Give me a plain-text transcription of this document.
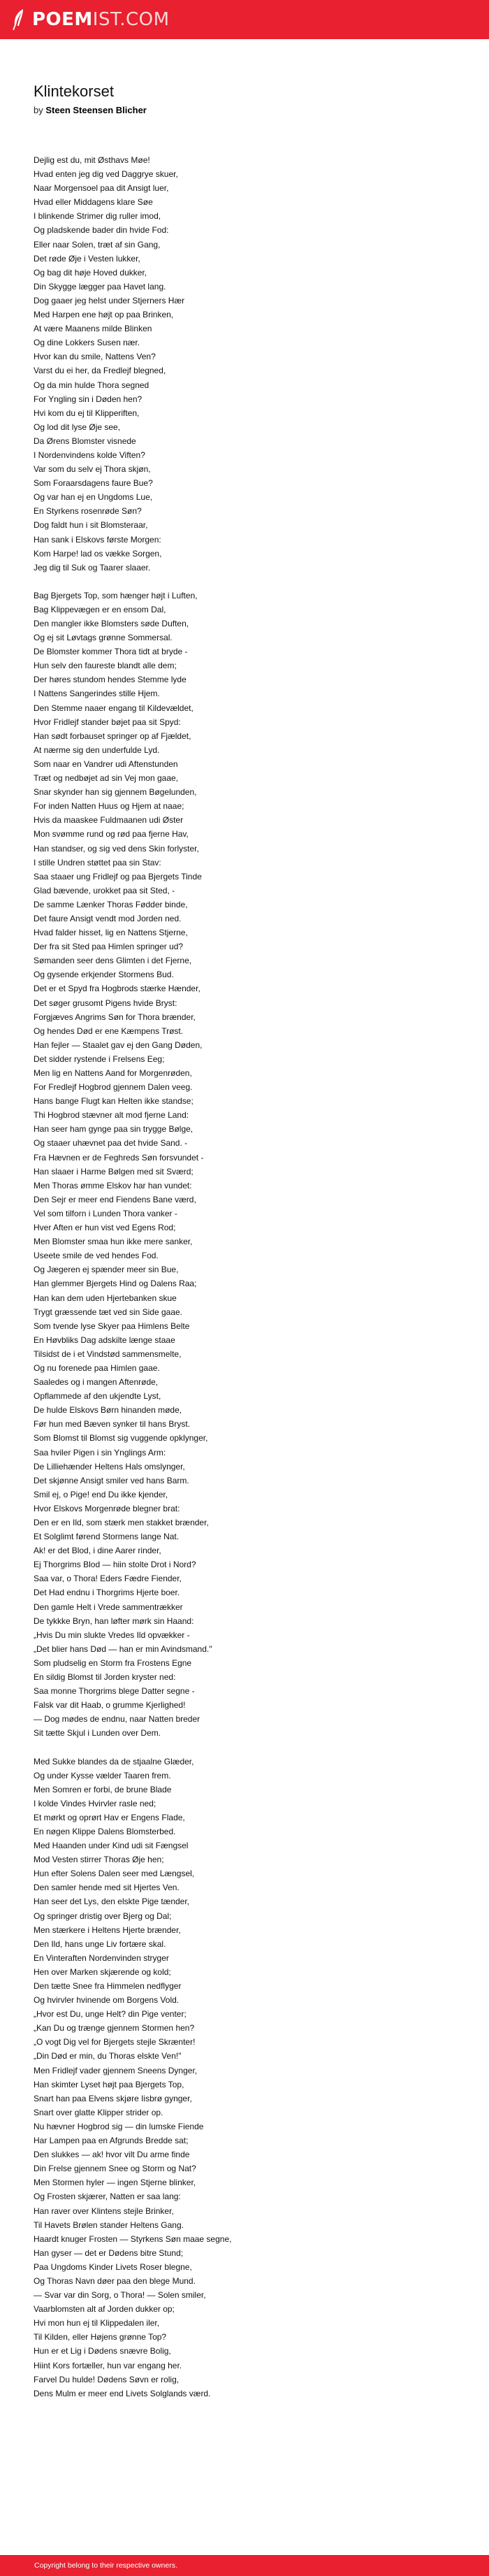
POEMIST.COM
Klintekorset
by Steen Steensen Blicher
Dejlig est du, mit Østhavs Møe!
Hvad enten jeg dig ved Daggrye skuer,
Naar Morgensoel paa dit Ansigt luer,
Hvad eller Middagens klare Søe
I blinkende Strimer dig ruller imod,
Og pladskende bader din hvide Fod:
Eller naar Solen, træt af sin Gang,
Det røde Øje i Vesten lukker,
Og bag dit høje Hoved dukker,
Din Skygge lægger paa Havet lang.
Dog gaaer jeg helst under Stjerners Hær
Med Harpen ene højt op paa Brinken,
At være Maanens milde Blinken
Og dine Lokkers Susen nær.
Hvor kan du smile, Nattens Ven?
Varst du ei her, da Fredlejf blegned,
Og da min hulde Thora segned
For Yngling sin i Døden hen?
Hvi kom du ej til Klipperiften,
Og lod dit lyse Øje see,
Da Ørens Blomster visnede
I Nordenvindens kolde Viften?
Var som du selv ej Thora skjøn,
Som Foraarsdagens faure Bue?
Og var han ej en Ungdoms Lue,
En Styrkens rosenrøde Søn?
Dog faldt hun i sit Blomsteraar,
Han sank i Elskovs første Morgen:
Kom Harpe! lad os vække Sorgen,
Jeg dig til Suk og Taarer slaaer.
Bag Bjergets Top, som hænger højt i Luften,
Bag Klippevægen er en ensom Dal,
Den mangler ikke Blomsters søde Duften,
Og ej sit Løvtags grønne Sommersal.
De Blomster kommer Thora tidt at bryde -
Hun selv den faureste blandt alle dem;
Der høres stundom hendes Stemme lyde
I Nattens Sangerindes stille Hjem.
Den Stemme naaer engang til Kildevældet,
Hvor Fridlejf stander bøjet paa sit Spyd:
Han sødt forbauset springer op af Fjældet,
At nærme sig den underfulde Lyd.
Som naar en Vandrer udi Aftenstunden
Træt og nedbøjet ad sin Vej mon gaae,
Snar skynder han sig gjennem Bøgelunden,
For inden Natten Huus og Hjem at naae;
Hvis da maaskee Fuldmaanen udi Øster
Mon svømme rund og rød paa fjerne Hav,
Han standser, og sig ved dens Skin forlyster,
I stille Undren støttet paa sin Stav:
Saa staaer ung Fridlejf og paa Bjergets Tinde
Glad bævende, urokket paa sit Sted, -
De samme Lænker Thoras Fødder binde,
Det faure Ansigt vendt mod Jorden ned.
Hvad falder hisset, lig en Nattens Stjerne,
Der fra sit Sted paa Himlen springer ud?
Sømanden seer dens Glimten i det Fjerne,
Og gysende erkjender Stormens Bud.
Det er et Spyd fra Hogbrods stærke Hænder,
Det søger grusomt Pigens hvide Bryst:
Forgjæves Angrims Søn for Thora brænder,
Og hendes Død er ene Kæmpens Trøst.
Han fejler — Staalet gav ej den Gang Døden,
Det sidder rystende i Frelsens Eeg;
Men lig en Nattens Aand for Morgenrøden,
For Fredlejf Hogbrod gjennem Dalen veeg.
Hans bange Flugt kan Helten ikke standse;
Thi Hogbrod stævner alt mod fjerne Land:
Han seer ham gynge paa sin trygge Bølge,
Og staaer uhævnet paa det hvide Sand. -
Fra Hævnen er de Feghreds Søn forsvundet -
Han slaaer i Harme Bølgen med sit Sværd;
Men Thoras ømme Elskov har han vundet:
Den Sejr er meer end Fiendens Bane værd,
Vel som tilforn i Lunden Thora vanker -
Hver Aften er hun vist ved Egens Rod;
Men Blomster smaa hun ikke mere sanker,
Useete smile de ved hendes Fod.
Og Jægeren ej spænder meer sin Bue,
Han glemmer Bjergets Hind og Dalens Raa;
Han kan dem uden Hjertebanken skue
Trygt græssende tæt ved sin Side gaae.
Som tvende lyse Skyer paa Himlens Belte
En Høvbliks Dag adskilte længe staae
Tilsidst de i et Vindstød sammensmelte,
Og nu forenede paa Himlen gaae.
Saaledes og i mangen Aftenrøde,
Opflammede af den ukjendte Lyst,
De hulde Elskovs Børn hinanden møde,
Før hun med Bæven synker til hans Bryst.
Som Blomst til Blomst sig vuggende opklynger,
Saa hviler Pigen i sin Ynglings Arm:
De Lilliehænder Heltens Hals omslynger,
Det skjønne Ansigt smiler ved hans Barm.
Smil ej, o Pige! end Du ikke kjender,
Hvor Elskovs Morgenrøde blegner brat:
Den er en Ild, som stærk men stakket brænder,
Et Solglimt førend Stormens lange Nat.
Ak! er det Blod, i dine Aarer rinder,
Ej Thorgrims Blod — hiin stolte Drot i Nord?
Saa var, o Thora! Eders Fædre Fiender,
Det Had endnu i Thorgrims Hjerte boer.
Den gamle Helt i Vrede sammentrækker
De tykkke Bryn, han løfter mørk sin Haand:
„Hvis Du min slukte Vredes Ild opvækker -
„Det blier hans Død — han er min Avindsmand."
Som pludselig en Storm fra Frostens Egne
En sildig Blomst til Jorden kryster ned:
Saa monne Thorgrims blege Datter segne -
Falsk var dit Haab, o grumme Kjerlighed!
— Dog mødes de endnu, naar Natten breder
Sit tætte Skjul i Lunden over Dem.
Med Sukke blandes da de stjaalne Glæder,
Og under Kysse vælder Taaren frem.
Men Somren er forbi, de brune Blade
I kolde Vindes Hvirvler rasle ned;
Et mørkt og oprørt Hav er Engens Flade,
En nøgen Klippe Dalens Blomsterbed.
Med Haanden under Kind udi sit Fængsel
Mod Vesten stirrer Thoras Øje hen;
Hun efter Solens Dalen seer med Længsel,
Den samler hende med sit Hjertes Ven.
Han seer det Lys, den elskte Pige tænder,
Og springer dristig over Bjerg og Dal;
Men stærkere i Heltens Hjerte brænder,
Den Ild, hans unge Liv fortære skal.
En Vinteraften Nordenvinden stryger
Hen over Marken skjærende og kold;
Den tætte Snee fra Himmelen nedflyger
Og hvirvler hvinende om Borgens Vold.
„Hvor est Du, unge Helt? din Pige venter;
„Kan Du og trænge gjennem Stormen hen?
„O vogt Dig vel for Bjergets stejle Skrænter!
„Din Død er min, du Thoras elskte Ven!"
Men Fridlejf vader gjennem Sneens Dynger,
Han skimter Lyset højt paa Bjergets Top,
Snart han paa Elvens skjøre Iisbrø gynger,
Snart over glatte Klipper strider op.
Nu hævner Hogbrod sig — din lumske Fiende
Har Lampen paa en Afgrunds Bredde sat;
Den slukkes — ak! hvor vilt Du arme finde
Din Frelse gjennem Snee og Storm og Nat?
Men Stormen hyler — ingen Stjerne blinker,
Og Frosten skjærer, Natten er saa lang:
Han raver over Klintens stejle Brinker,
Til Havets Brølen stander Heltens Gang.
Haardt knuger Frosten — Styrkens Søn maae segne,
Han gyser — det er Dødens bitre Stund;
Paa Ungdoms Kinder Livets Roser blegne,
Og Thoras Navn døer paa den blege Mund.
— Svar var din Sorg, o Thora! — Solen smiler,
Vaarblomsten alt af Jorden dukker op;
Hvi mon hun ej til Klippedalen iler,
Til Kilden, eller Højens grønne Top?
Hun er et Lig i Dødens snævre Bolig,
Hiint Kors fortæller, hun var engang her.
Farvel Du hulde! Dødens Søvn er rolig,
Dens Mulm er meer end Livets Solglands værd.
Copyright belong to their respective owners.
